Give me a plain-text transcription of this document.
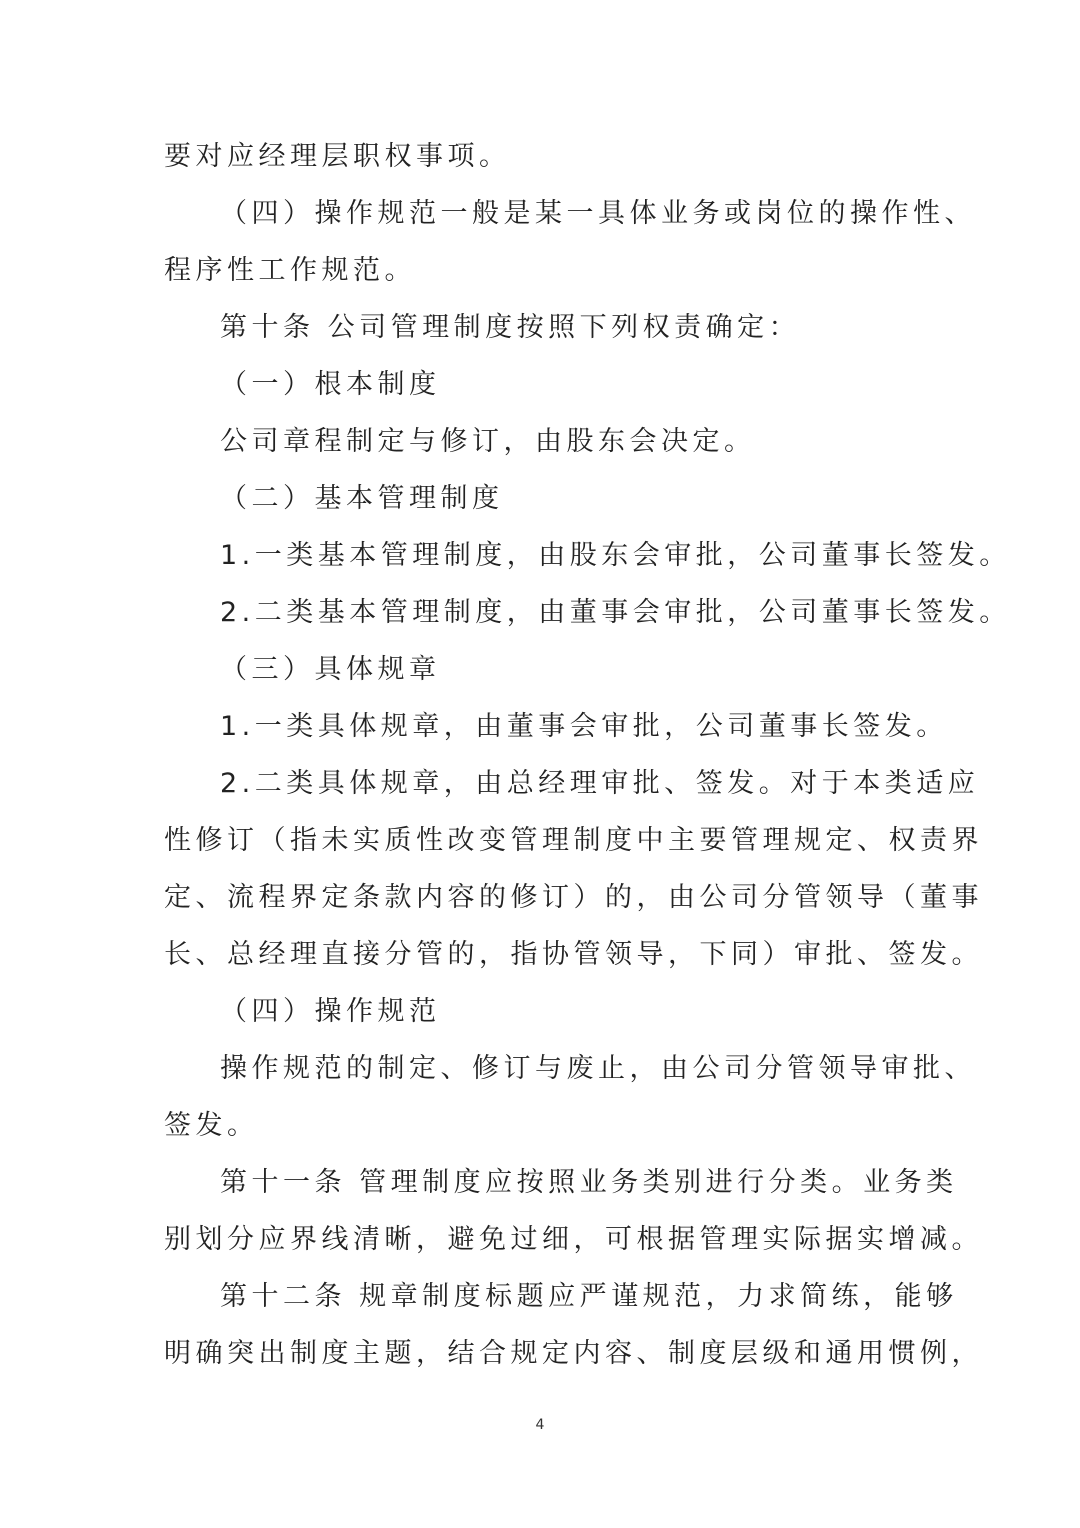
要对应经理层职权事项。
（四）操作规范一般是某一具体业务或岗位的操作性、
程序性工作规范。
第十条 公司管理制度按照下列权责确定：
（一）根本制度
公司章程制定与修订，由股东会决定。
（二）基本管理制度
1.一类基本管理制度，由股东会审批，公司董事长签发。
2.二类基本管理制度，由董事会审批，公司董事长签发。
（三）具体规章
1.一类具体规章，由董事会审批，公司董事长签发。
2.二类具体规章，由总经理审批、签发。对于本类适应
性修订（指未实质性改变管理制度中主要管理规定、权责界
定、流程界定条款内容的修订）的，由公司分管领导（董事
长、总经理直接分管的，指协管领导，下同）审批、签发。
（四）操作规范
操作规范的制定、修订与废止，由公司分管领导审批、
签发。
第十一条 管理制度应按照业务类别进行分类。业务类
别划分应界线清晰，避免过细，可根据管理实际据实增减。
第十二条 规章制度标题应严谨规范，力求简练，能够
明确突出制度主题，结合规定内容、制度层级和通用惯例，
4
